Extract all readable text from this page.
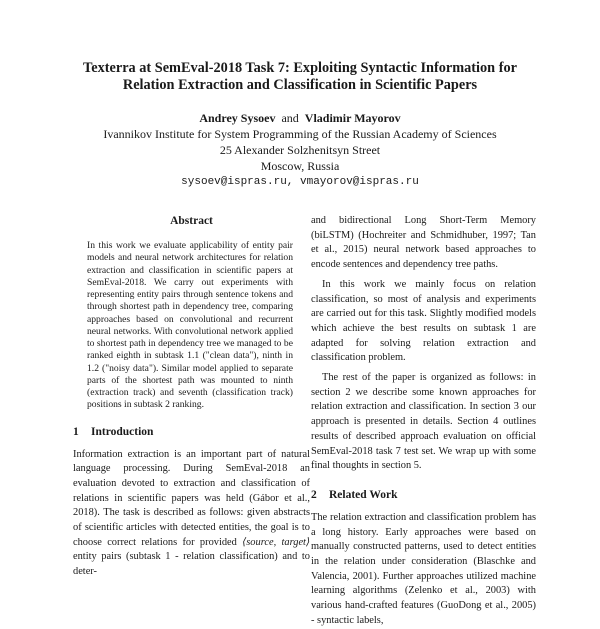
Texterra at SemEval-2018 Task 7: Exploiting Syntactic Information for
Relation Extraction and Classification in Scientific Papers
Andrey Sysoev and Vladimir Mayorov
Ivannikov Institute for System Programming of the Russian Academy of Sciences
25 Alexander Solzhenitsyn Street
Moscow, Russia
sysoev@ispras.ru, vmayorov@ispras.ru
Abstract

In this work we evaluate applicability of entity pair models and neural network architectures for relation extraction and classification in scientific papers at SemEval-2018. We carry out experiments with representing entity pairs through sentence tokens and through shortest path in dependency tree, comparing approaches based on convolutional and recurrent neural networks. With convolutional network applied to shortest path in dependency tree we managed to be ranked eighth in subtask 1.1 ("clean data"), ninth in 1.2 ("noisy data"). Similar model applied to separate parts of the shortest path was mounted to ninth (extraction track) and seventh (classification track) positions in subtask 2 ranking.

1 Introduction

Information extraction is an important part of natural language processing. During SemEval-2018 an evaluation devoted to extraction and classification of relations in scientific papers was held (Gábor et al., 2018). The task is described as follows: given abstracts of scientific articles with detected entities, the goal is to choose correct relations for provided ⟨source, target⟩ entity pairs (subtask 1 - relation classification) and to deter-

and bidirectional Long Short-Term Memory (biLSTM) (Hochreiter and Schmidhuber, 1997; Tan et al., 2015) neural network based approaches to encode sentences and dependency tree paths.

In this work we mainly focus on relation classification, so most of analysis and experiments are carried out for this task. Slightly modified models which achieve the best results on subtask 1 are adapted for solving relation extraction and classification problem.

The rest of the paper is organized as follows: in section 2 we describe some known approaches for relation extraction and classification. In section 3 our approach is presented in details. Section 4 outlines results of described approach evaluation on official SemEval-2018 task 7 test set. We wrap up with some final thoughts in section 5.

2 Related Work

The relation extraction and classification problem has a long history. Early approaches were based on manually constructed patterns, used to detect entities in the relation under consideration (Blaschke and Valencia, 2001). Further approaches utilized machine learning algorithms (Zelenko et al., 2003) with various hand-crafted features (GuoDong et al., 2005) - syntactic labels,
